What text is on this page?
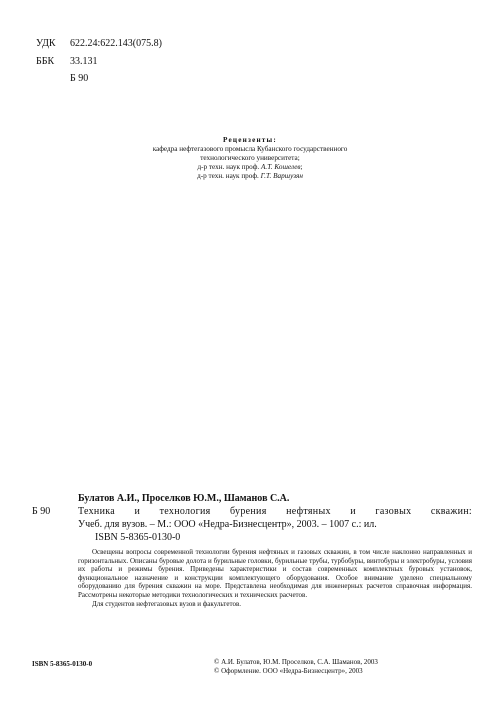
УДК 622.24:622.143(075.8)
ББК 33.131
Б 90
Рецензенты:
кафедра нефтегазового промысла Кубанского государственного
технологического университета;
д-р техн. наук проф. А.Т. Кошелев;
д-р техн. наук проф. Г.Т. Варшузян
Б 90
Булатов А.И., Проселков Ю.М., Шаманов С.А.
Техника и технология бурения нефтяных и газовых скважин:
Учеб. для вузов. – М.: ООО «Недра-Бизнесцентр», 2003. – 1007 с.: ил.
ISBN 5-8365-0130-0

Освещены вопросы современной технологии бурения нефтяных и газовых скважин, в том числе наклонно направленных и горизонтальных. Описаны буровые долота и бурильные головки, бурильные трубы, турбобуры, винтобуры и электробуры, условия их работы и режимы бурения. Приведены характеристики и состав современных комплектных буровых установок, функциональное назначение и конструкции комплектующего оборудования. Особое внимание уделено специальному оборудованию для бурения скважин на море. Представлена необходимая для инженерных расчетов справочная информация. Рассмотрены некоторые методики технологических и технических расчетов.

Для студентов нефтегазовых вузов и факультетов.

ISBN 5-8365-0130-0	© А.И. Булатов, Ю.М. Проселков, С.А. Шаманов, 2003
© Оформление. ООО «Недра-Бизнесцентр», 2003
